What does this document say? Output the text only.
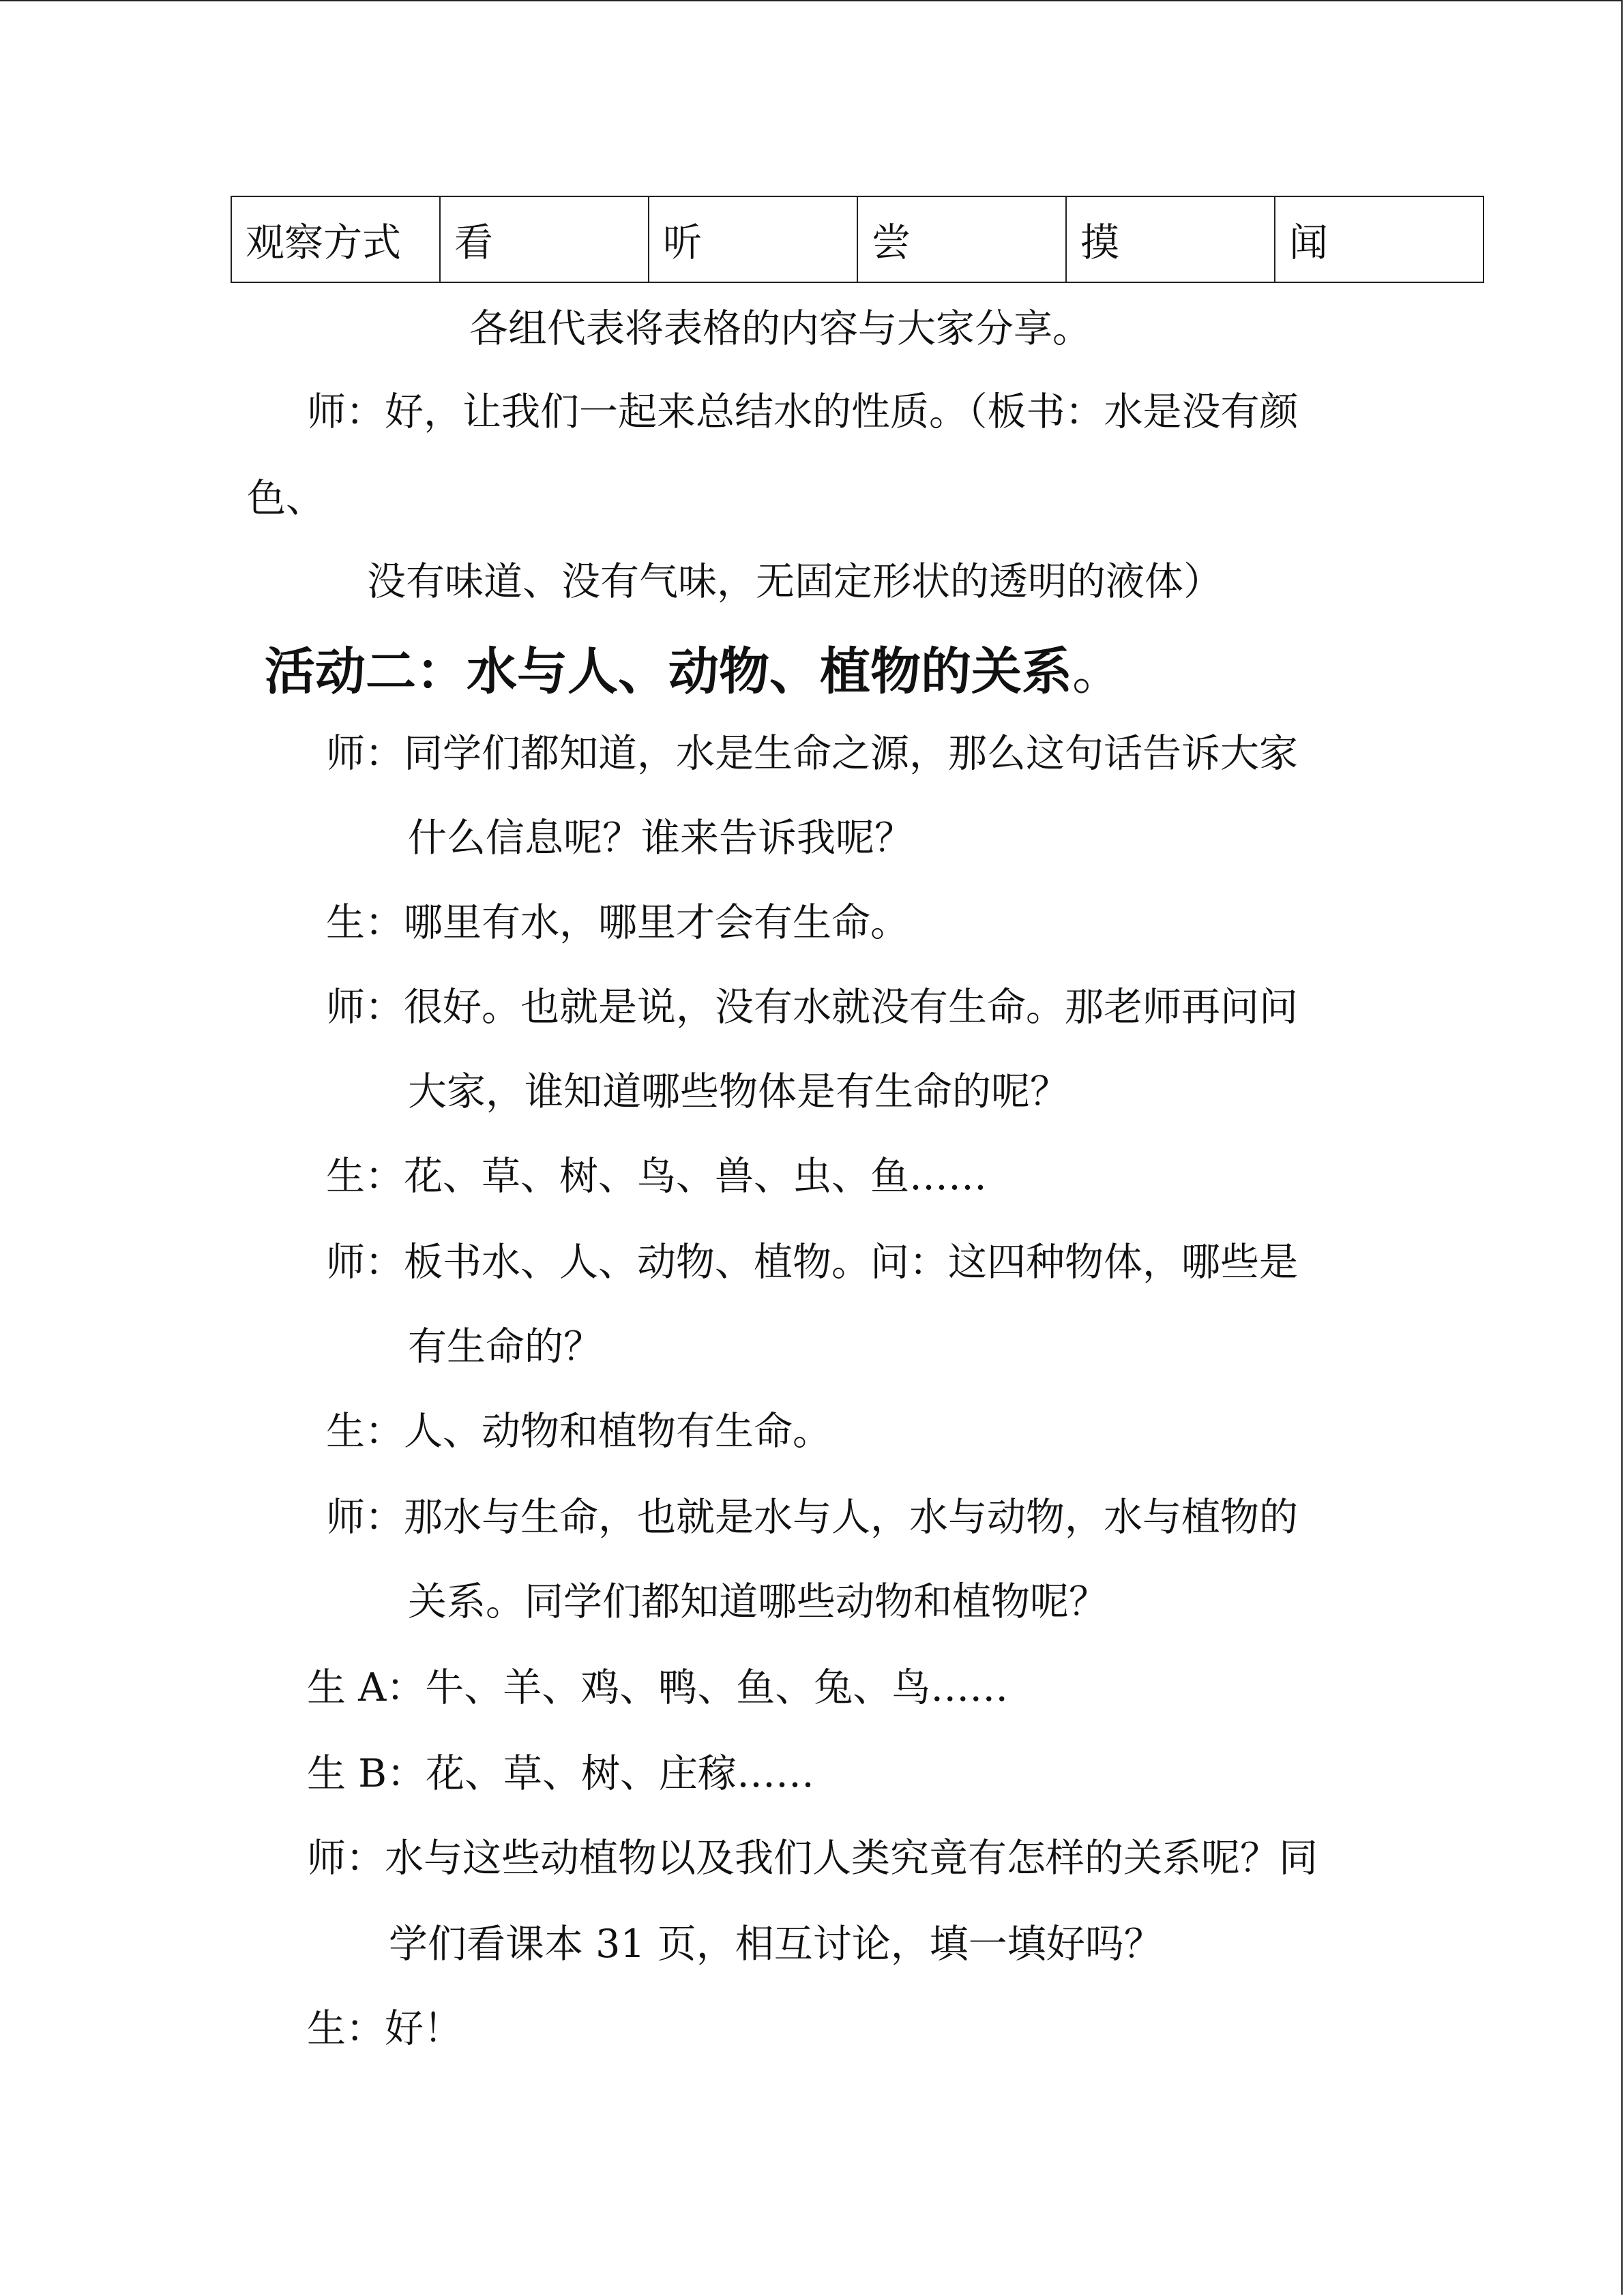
观察方式	看	听	尝	摸	闻
各组代表将表格的内容与大家分享。
师：好，让我们一起来总结水的性质。（板书：水是没有颜
色、
没有味道、没有气味，无固定形状的透明的液体）
活动二：水与人、动物、植物的关系。
师：同学们都知道，水是生命之源，那么这句话告诉大家
什么信息呢？谁来告诉我呢？
生：哪里有水，哪里才会有生命。
师：很好。也就是说，没有水就没有生命。那老师再问问
大家，谁知道哪些物体是有生命的呢？
生：花、草、树、鸟、兽、虫、鱼……
师：板书水、人、动物、植物。问：这四种物体，哪些是
有生命的？
生：人、动物和植物有生命。
师：那水与生命，也就是水与人，水与动物，水与植物的
关系。同学们都知道哪些动物和植物呢？
生 A：牛、羊、鸡、鸭、鱼、兔、鸟……
生 B：花、草、树、庄稼……
师：水与这些动植物以及我们人类究竟有怎样的关系呢？同
学们看课本 31 页，相互讨论，填一填好吗？
生：好！
